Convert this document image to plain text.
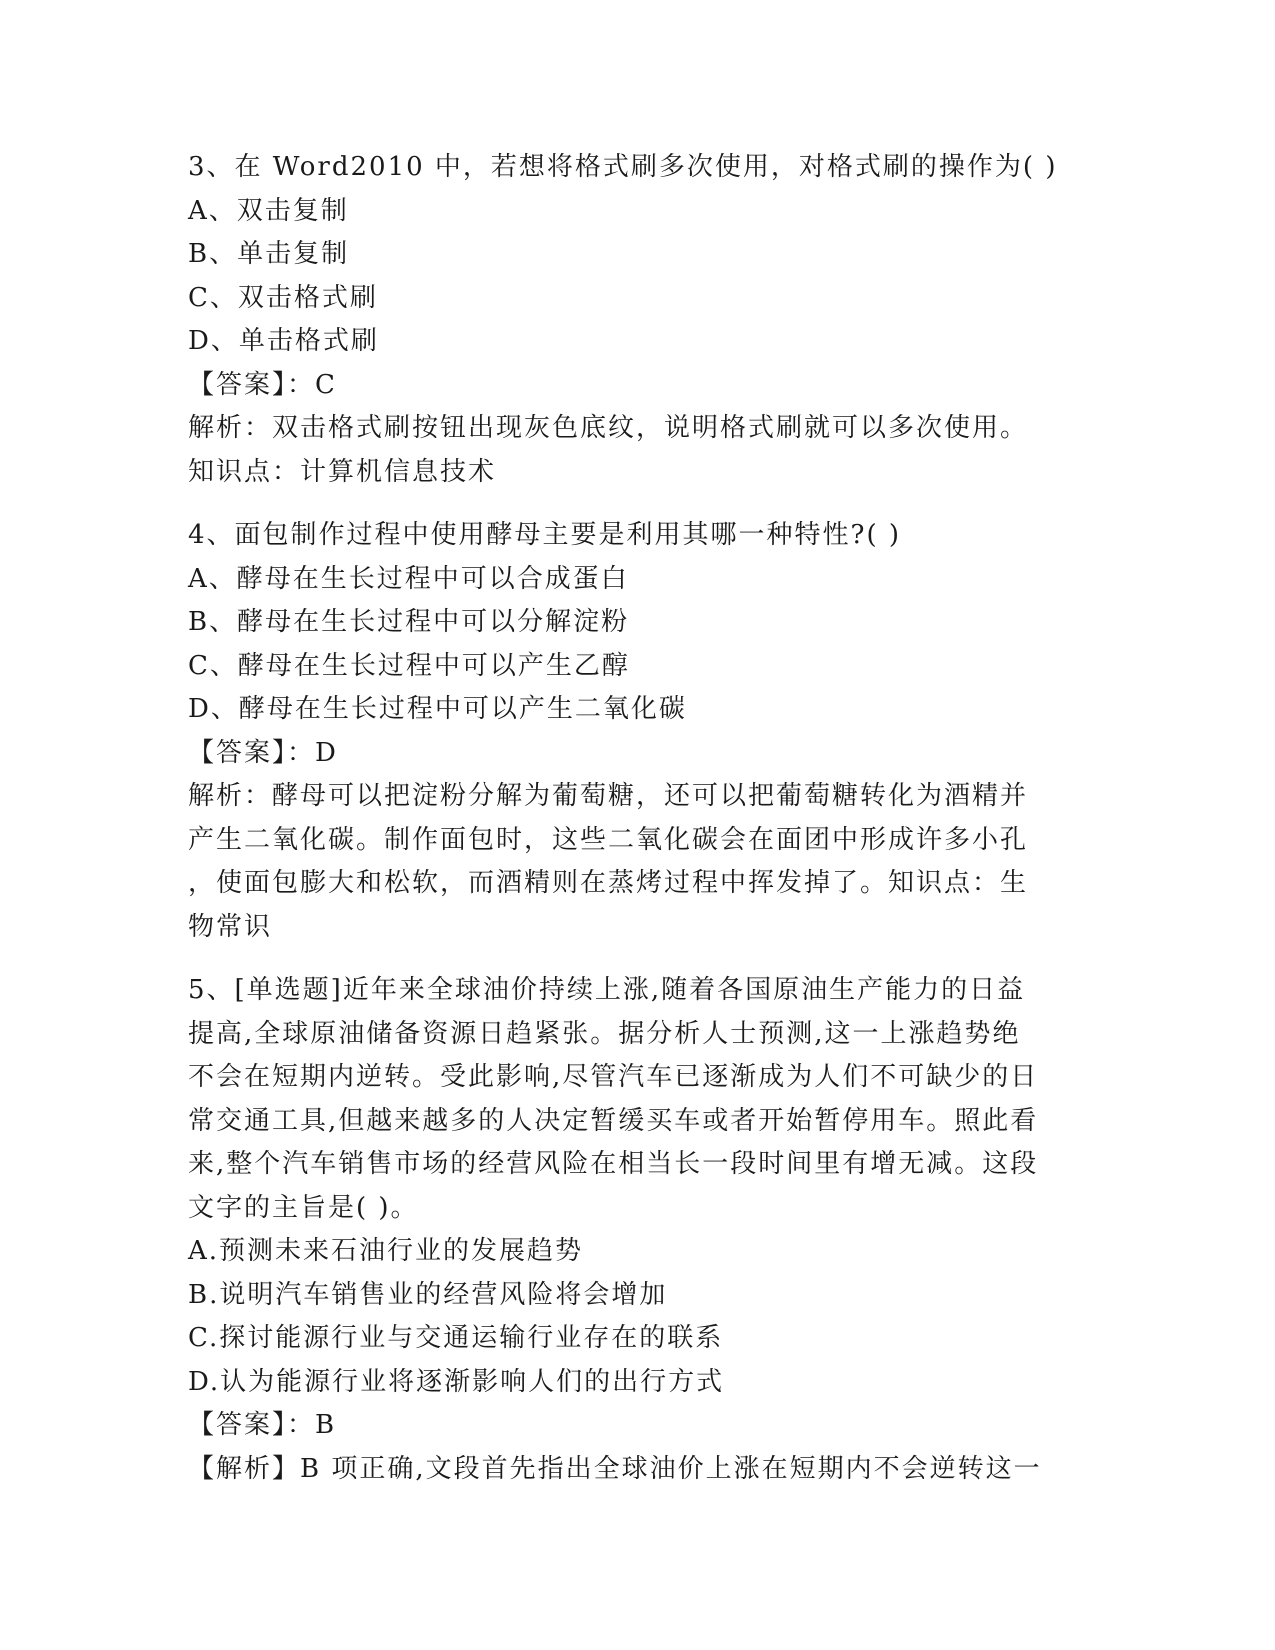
3、在 Word2010 中，若想将格式刷多次使用，对格式刷的操作为( )
A、双击复制
B、单击复制
C、双击格式刷
D、单击格式刷
【答案】：C
解析：双击格式刷按钮出现灰色底纹，说明格式刷就可以多次使用。
知识点：计算机信息技术
4、面包制作过程中使用酵母主要是利用其哪一种特性?( )
A、酵母在生长过程中可以合成蛋白
B、酵母在生长过程中可以分解淀粉
C、酵母在生长过程中可以产生乙醇
D、酵母在生长过程中可以产生二氧化碳
【答案】：D
解析：酵母可以把淀粉分解为葡萄糖，还可以把葡萄糖转化为酒精并
产生二氧化碳。制作面包时，这些二氧化碳会在面团中形成许多小孔
，使面包膨大和松软，而酒精则在蒸烤过程中挥发掉了。知识点：生
物常识
5、[单选题]近年来全球油价持续上涨,随着各国原油生产能力的日益
提高,全球原油储备资源日趋紧张。据分析人士预测,这一上涨趋势绝
不会在短期内逆转。受此影响,尽管汽车已逐渐成为人们不可缺少的日
常交通工具,但越来越多的人决定暂缓买车或者开始暂停用车。照此看
来,整个汽车销售市场的经营风险在相当长一段时间里有增无减。这段
文字的主旨是( )。
A.预测未来石油行业的发展趋势
B.说明汽车销售业的经营风险将会增加
C.探讨能源行业与交通运输行业存在的联系
D.认为能源行业将逐渐影响人们的出行方式
【答案】：B
【解析】B 项正确,文段首先指出全球油价上涨在短期内不会逆转这一
